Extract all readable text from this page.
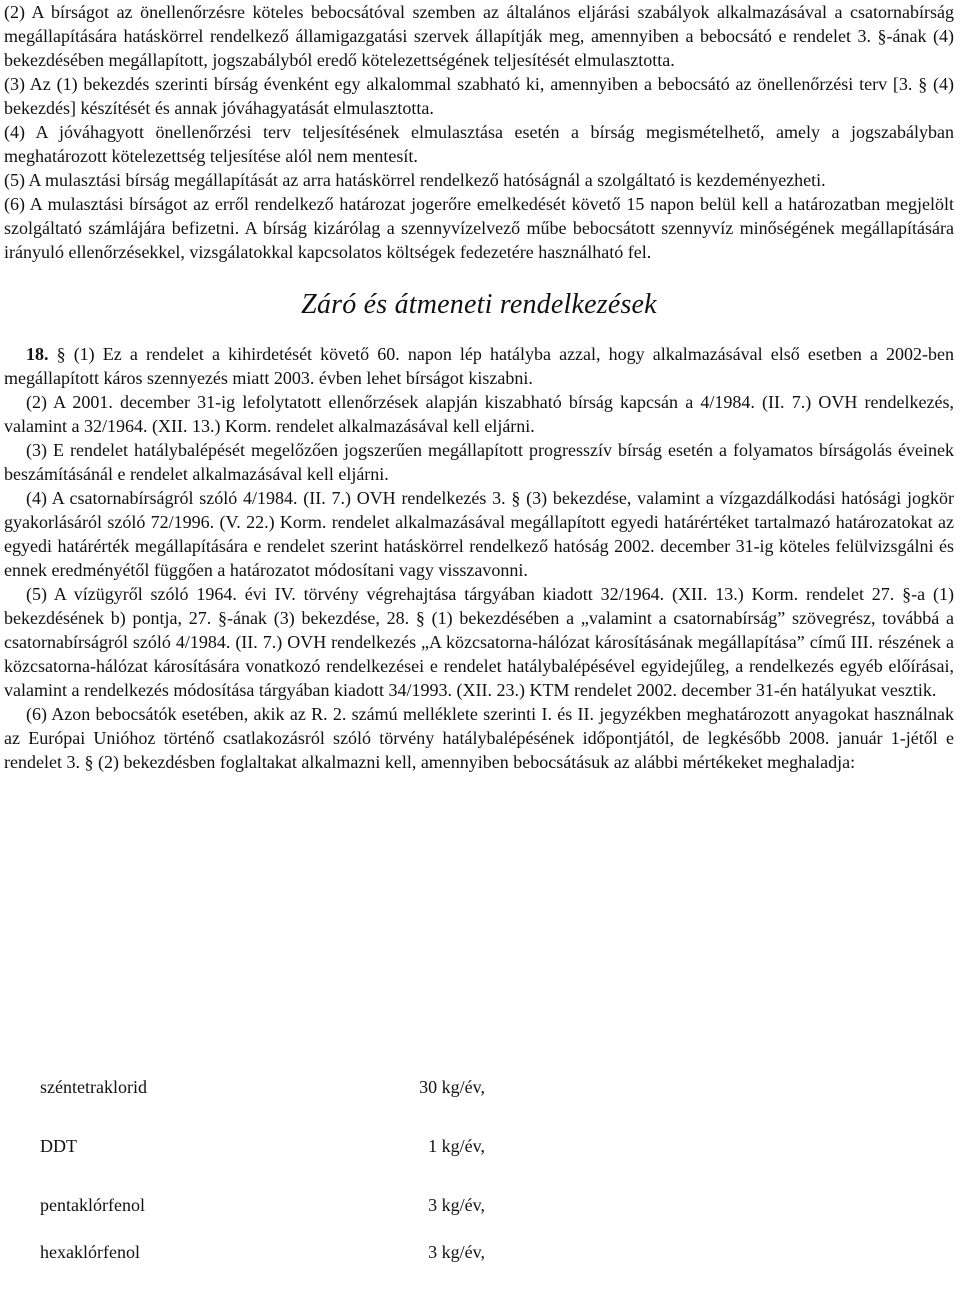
(2) A bírságot az önellenőrzésre köteles bebocsátóval szemben az általános eljárási szabályok alkalmazásával a csatornabírság megállapítására hatáskörrel rendelkező államigazgatási szervek állapítják meg, amennyiben a bebocsátó e rendelet 3. §-ának (4) bekezdésében megállapított, jogszabályból eredő kötelezettségének teljesítését elmulasztotta.

(3) Az (1) bekezdés szerinti bírság évenként egy alkalommal szabható ki, amennyiben a bebocsátó az önellenőrzési terv [3. § (4) bekezdés] készítését és annak jóváhagyatását elmulasztotta.

(4) A jóváhagyott önellenőrzési terv teljesítésének elmulasztása esetén a bírság megismételhető, amely a jogszabályban meghatározott kötelezettség teljesítése alól nem mentesít.

(5) A mulasztási bírság megállapítását az arra hatáskörrel rendelkező hatóságnál a szolgáltató is kezdeményezheti.

(6) A mulasztási bírságot az erről rendelkező határozat jogerőre emelkedését követő 15 napon belül kell a határozatban megjelölt szolgáltató számlájára befizetni. A bírság kizárólag a szennyvízelvező műbe bebocsátott szennyvíz minőségének megállapítására irányuló ellenőrzésekkel, vizsgálatokkal kapcsolatos költségek fedezetére használható fel.

Záró és átmeneti rendelkezések

18. § (1) Ez a rendelet a kihirdetését követő 60. napon lép hatályba azzal, hogy alkalmazásával első esetben a 2002-ben megállapított káros szennyezés miatt 2003. évben lehet bírságot kiszabni.

(2) A 2001. december 31-ig lefolytatott ellenőrzések alapján kiszabható bírság kapcsán a 4/1984. (II. 7.) OVH rendelkezés, valamint a 32/1964. (XII. 13.) Korm. rendelet alkalmazásával kell eljárni.

(3) E rendelet hatálybalépését megelőzően jogszerűen megállapított progresszív bírság esetén a folyamatos bírságolás éveinek beszámításánál e rendelet alkalmazásával kell eljárni.

(4) A csatornabírságról szóló 4/1984. (II. 7.) OVH rendelkezés 3. § (3) bekezdése, valamint a vízgazdálkodási hatósági jogkör gyakorlásáról szóló 72/1996. (V. 22.) Korm. rendelet alkalmazásával megállapított egyedi határértéket tartalmazó határozatokat az egyedi határérték megállapítására e rendelet szerint hatáskörrel rendelkező hatóság 2002. december 31-ig köteles felülvizsgálni és ennek eredményétől függően a határozatot módosítani vagy visszavonni.

(5) A vízügyről szóló 1964. évi IV. törvény végrehajtása tárgyában kiadott 32/1964. (XII. 13.) Korm. rendelet 27. §-a (1) bekezdésének b) pontja, 27. §-ának (3) bekezdése, 28. § (1) bekezdésében a „valamint a csatornabírság” szövegrész, továbbá a csatornabírságról szóló 4/1984. (II. 7.) OVH rendelkezés „A közcsatorna-hálózat károsításának megállapítása” című III. részének a közcsatorna-hálózat károsítására vonatkozó rendelkezései e rendelet hatálybalépésével egyidejűleg, a rendelkezés egyéb előírásai, valamint a rendelkezés módosítása tárgyában kiadott 34/1993. (XII. 23.) KTM rendelet 2002. december 31-én hatályukat vesztik.

(6) Azon bebocsátók esetében, akik az R. 2. számú melléklete szerinti I. és II. jegyzékben meghatározott anyagokat használnak az Európai Unióhoz történő csatlakozásról szóló törvény hatálybalépésének időpontjától, de legkésőbb 2008. január 1-jétől e rendelet 3. § (2) bekezdésben foglaltakat alkalmazni kell, amennyiben bebocsátásuk az alábbi mértékeket meghaladja:

széntetraklorid	30 kg/év,
DDT	1 kg/év,
pentaklórfenol	3 kg/év,
hexaklórfenol	3 kg/év,
